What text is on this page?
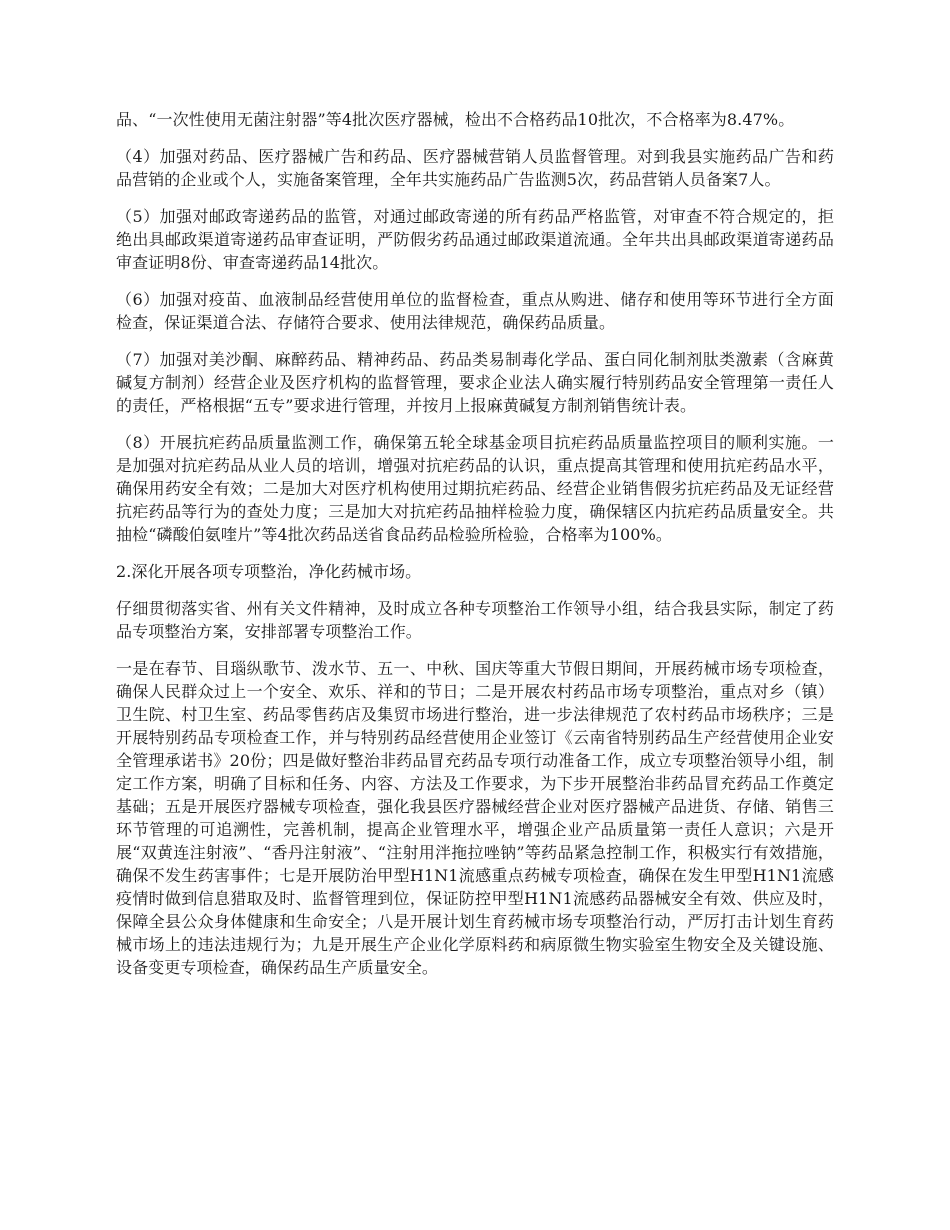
品、“一次性使用无菌注射器”等4批次医疗器械，检出不合格药品10批次，不合格率为8.47%。

（4）加强对药品、医疗器械广告和药品、医疗器械营销人员监督管理。对到我县实施药品广告和药品营销的企业或个人，实施备案管理，全年共实施药品广告监测5次，药品营销人员备案7人。

（5）加强对邮政寄递药品的监管，对通过邮政寄递的所有药品严格监管，对审查不符合规定的，拒绝出具邮政渠道寄递药品审查证明，严防假劣药品通过邮政渠道流通。全年共出具邮政渠道寄递药品审查证明8份、审查寄递药品14批次。

（6）加强对疫苗、血液制品经营使用单位的监督检查，重点从购进、储存和使用等环节进行全方面检查，保证渠道合法、存储符合要求、使用法律规范，确保药品质量。

（7）加强对美沙酮、麻醉药品、精神药品、药品类易制毒化学品、蛋白同化制剂肽类激素（含麻黄碱复方制剂）经营企业及医疗机构的监督管理，要求企业法人确实履行特别药品安全管理第一责任人的责任，严格根据“五专”要求进行管理，并按月上报麻黄碱复方制剂销售统计表。

（8）开展抗疟药品质量监测工作，确保第五轮全球基金项目抗疟药品质量监控项目的顺利实施。一是加强对抗疟药品从业人员的培训，增强对抗疟药品的认识，重点提高其管理和使用抗疟药品水平，确保用药安全有效；二是加大对医疗机构使用过期抗疟药品、经营企业销售假劣抗疟药品及无证经营抗疟药品等行为的查处力度；三是加大对抗疟药品抽样检验力度，确保辖区内抗疟药品质量安全。共抽检“磷酸伯氨喹片”等4批次药品送省食品药品检验所检验，合格率为100%。

2.深化开展各项专项整治，净化药械市场。

仔细贯彻落实省、州有关文件精神，及时成立各种专项整治工作领导小组，结合我县实际，制定了药品专项整治方案，安排部署专项整治工作。

一是在春节、目瑙纵歌节、泼水节、五一、中秋、国庆等重大节假日期间，开展药械市场专项检查，确保人民群众过上一个安全、欢乐、祥和的节日；二是开展农村药品市场专项整治，重点对乡（镇）卫生院、村卫生室、药品零售药店及集贸市场进行整治，进一步法律规范了农村药品市场秩序；三是开展特别药品专项检查工作，并与特别药品经营使用企业签订《云南省特别药品生产经营使用企业安全管理承诺书》20份；四是做好整治非药品冒充药品专项行动准备工作，成立专项整治领导小组，制定工作方案，明确了目标和任务、内容、方法及工作要求，为下步开展整治非药品冒充药品工作奠定基础；五是开展医疗器械专项检查，强化我县医疗器械经营企业对医疗器械产品进货、存储、销售三环节管理的可追溯性，完善机制，提高企业管理水平，增强企业产品质量第一责任人意识；六是开展“双黄连注射液”、“香丹注射液”、“注射用泮拖拉唑钠”等药品紧急控制工作，积极实行有效措施，确保不发生药害事件；七是开展防治甲型H1N1流感重点药械专项检查，确保在发生甲型H1N1流感疫情时做到信息猎取及时、监督管理到位，保证防控甲型H1N1流感药品器械安全有效、供应及时，保障全县公众身体健康和生命安全；八是开展计划生育药械市场专项整治行动，严厉打击计划生育药械市场上的违法违规行为；九是开展生产企业化学原料药和病原微生物实验室生物安全及关键设施、设备变更专项检查，确保药品生产质量安全。
